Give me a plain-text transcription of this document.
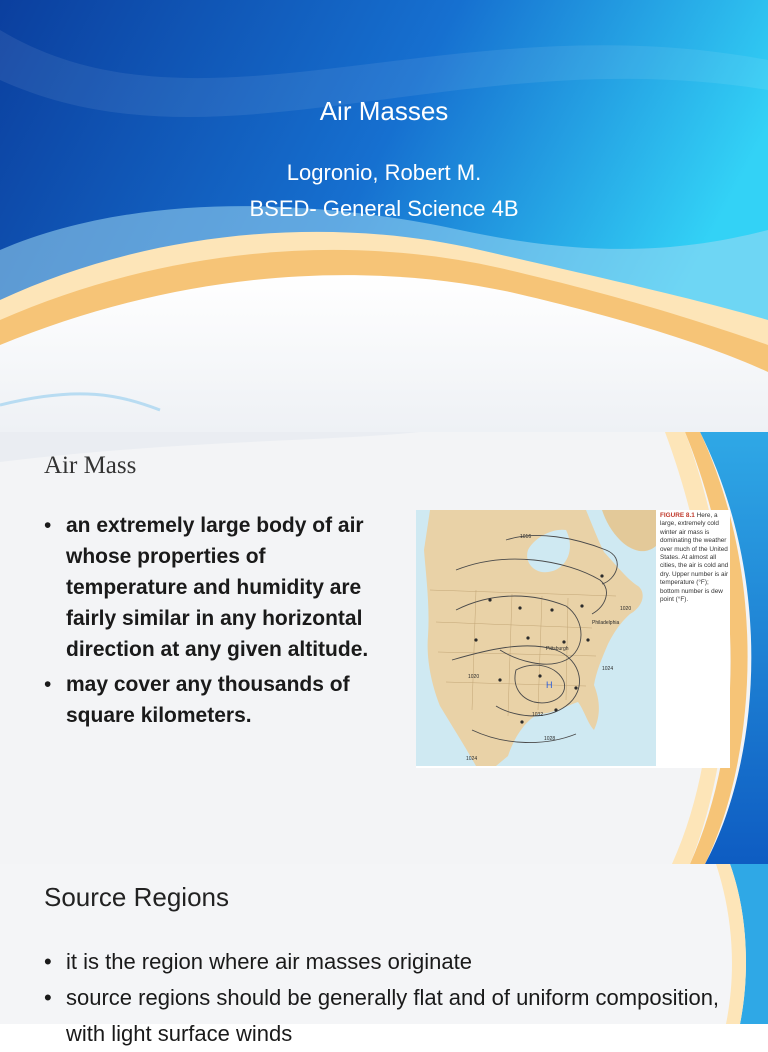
Air Masses
Logronio, Robert M.
BSED- General Science 4B
Air Mass
• an extremely large body of air whose properties of temperature and humidity are fairly similar in any horizontal direction at any given altitude.
• may cover any thousands of square kilometers.
1016
1020
1024
1024
1020
1032
1028
Pittsburgh
Philadelphia
H
FIGURE 8.1 Here, a large, extremely cold winter air mass is dominating the weather over much of the United States. At almost all cities, the air is cold and dry. Upper number is air temperature (°F); bottom number is dew point (°F).
Source Regions
• it is the region where air masses originate
• source regions should be generally flat and of uniform composition, with light surface winds
